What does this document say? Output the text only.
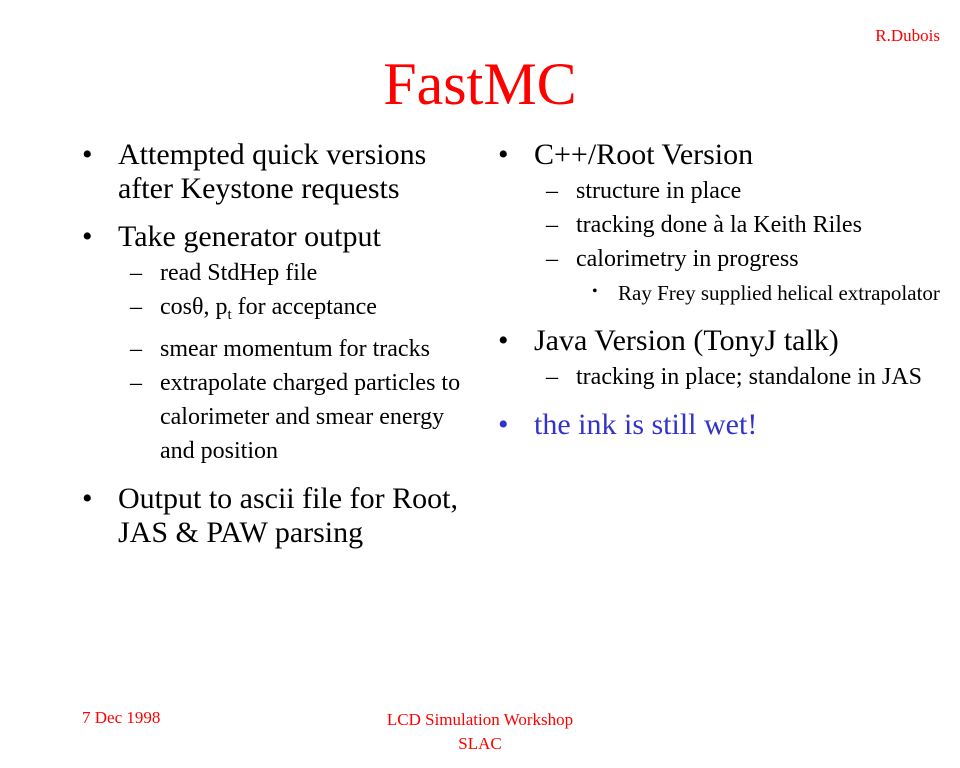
R.Dubois
FastMC
• Attempted quick versions after Keystone requests
• Take generator output
– read StdHep file
– cosθ, $p_t$ for acceptance
– smear momentum for tracks
– extrapolate charged particles to calorimeter and smear energy and position
• Output to ascii file for Root, JAS & PAW parsing
• C++/Root Version
– structure in place
– tracking done à la Keith Riles
– calorimetry in progress
• Ray Frey supplied helical extrapolator
• Java Version (TonyJ talk)
– tracking in place; standalone in JAS
• the ink is still wet!
7 Dec 1998	LCD Simulation Workshop
SLAC
